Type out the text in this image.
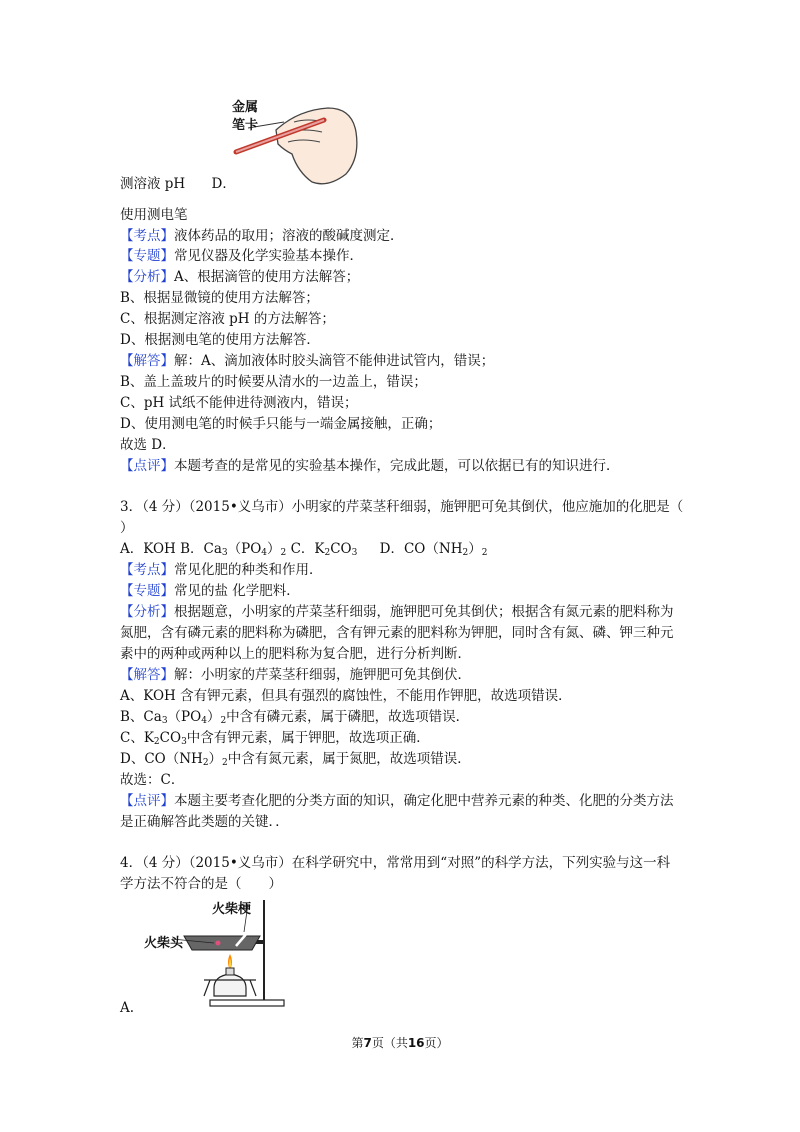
金属
笔卡
测溶液 pH D．
使用测电笔
【考点】液体药品的取用；溶液的酸碱度测定．
【专题】常见仪器及化学实验基本操作．
【分析】A、根据滴管的使用方法解答；
B、根据显微镜的使用方法解答；
C、根据测定溶液 pH 的方法解答；
D、根据测电笔的使用方法解答．
【解答】解：A、滴加液体时胶头滴管不能伸进试管内，错误；
B、盖上盖玻片的时候要从清水的一边盖上，错误；
C、pH 试纸不能伸进待测液内，错误；
D、使用测电笔的时候手只能与一端金属接触，正确；
故选 D．
【点评】本题考查的是常见的实验基本操作，完成此题，可以依据已有的知识进行．
3．（4 分）（2015•义乌市）小明家的芹菜茎秆细弱，施钾肥可免其倒伏，他应施加的化肥是（
）
A．KOH B．$Ca_3(PO_4)_2$ C．$K_2CO_3$ D．$CO(NH_2)_2$
【考点】常见化肥的种类和作用．
【专题】常见的盐 化学肥料．
【分析】根据题意，小明家的芹菜茎秆细弱，施钾肥可免其倒伏；根据含有氮元素的肥料称为
氮肥，含有磷元素的肥料称为磷肥，含有钾元素的肥料称为钾肥，同时含有氮、磷、钾三种元
素中的两种或两种以上的肥料称为复合肥，进行分析判断．
【解答】解：小明家的芹菜茎秆细弱，施钾肥可免其倒伏．
A、KOH 含有钾元素，但具有强烈的腐蚀性，不能用作钾肥，故选项错误．
B、$Ca_3(PO_4)_2$中含有磷元素，属于磷肥，故选项错误．
C、$K_2CO_3$中含有钾元素，属于钾肥，故选项正确．
D、$CO(NH_2)_2$中含有氮元素，属于氮肥，故选项错误．
故选：C．
【点评】本题主要考查化肥的分类方面的知识，确定化肥中营养元素的种类、化肥的分类方法
是正确解答此类题的关键．．
4．（4 分）（2015•义乌市）在科学研究中，常常用到“对照”的科学方法，下列实验与这一科
学方法不符合的是（　　）
火柴梗
火柴头
A.
第7页（共16页）
